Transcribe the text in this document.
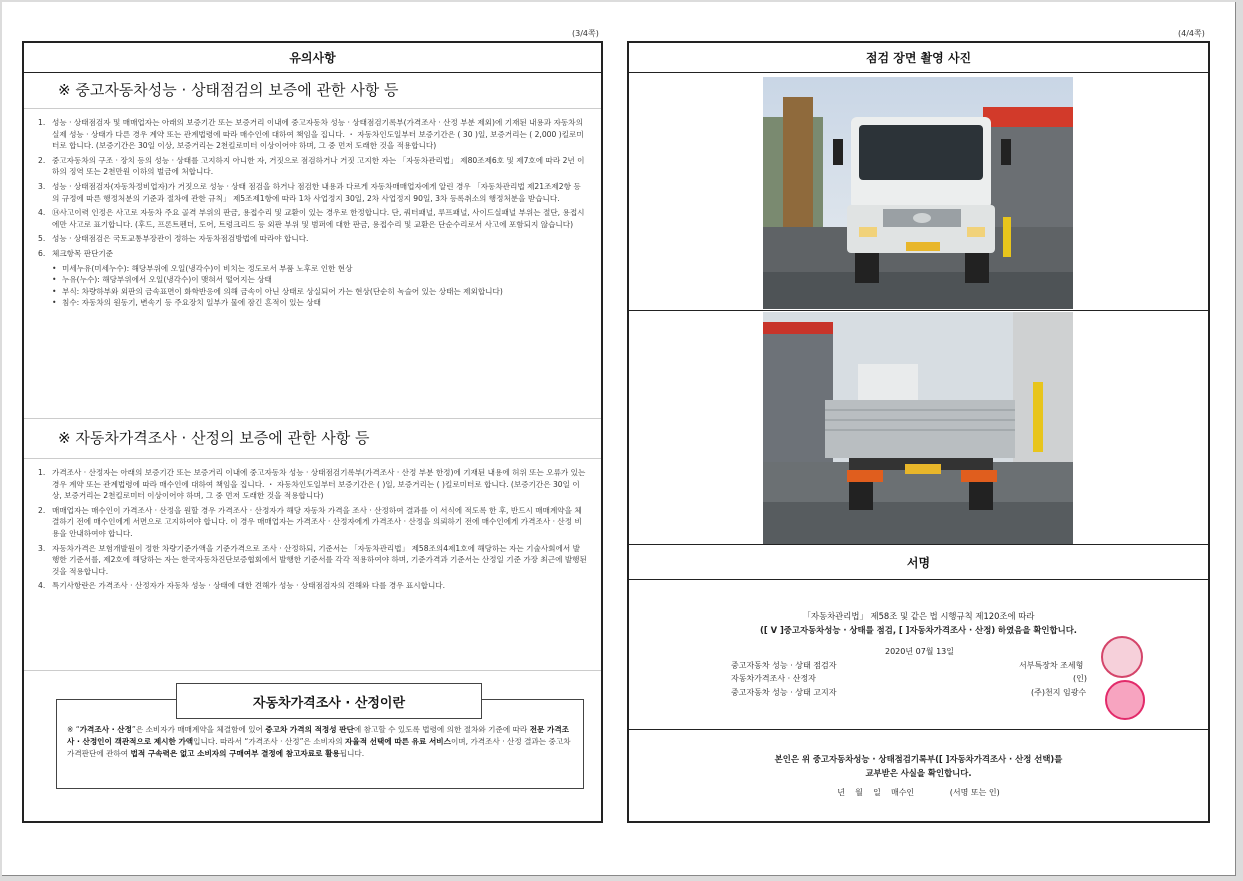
(3/4쪽)	(4/4쪽)
유의사항
※ 중고자동차성능 · 상태점검의 보증에 관한 사항 등
1. 성능 · 상태점검자 및 매매업자는 아래의 보증기간 또는 보증거리 이내에 중고자동차 성능 · 상태점검기록부(가격조사 · 산정 부분 제외)에 기재된 내용과 자동차의 실제 성능 · 상태가 다른 경우 계약 또는 관계법령에 따라 매수인에 대하여 책임을 집니다. ・ 자동차인도일부터 보증기간은 ( 30 )일, 보증거리는 ( 2,000 )킬로미터로 합니다. (보증기간은 30일 이상, 보증거리는 2천킬로미터 이상이어야 하며, 그 중 먼저 도래한 것을 적용합니다)
2. 중고자동차의 구조 · 장치 등의 성능 · 상태를 고지하지 아니한 자, 거짓으로 점검하거나 거짓 고지한 자는 「자동차관리법」 제80조제6호 및 제7호에 따라 2년 이하의 징역 또는 2천만원 이하의 벌금에 처합니다.
3. 성능 · 상태점검자(자동차정비업자)가 거짓으로 성능 · 상태 점검을 하거나 점검한 내용과 다르게 자동차매매업자에게 알린 경우 「자동차관리법 제21조제2항 등의 규정에 따른 행정처분의 기준과 절차에 관한 규칙」 제5조제1항에 따라 1차 사업정지 30일, 2차 사업정지 90일, 3차 등록취소의 행정처분을 받습니다.
4. ⑭사고이력 인정은 사고로 자동차 주요 골격 부위의 판금, 용접수리 및 교환이 있는 경우로 한정합니다. 단, 쿼터패널, 루프패널, 사이드실패널 부위는 절단, 용접시에만 사고로 표기합니다. (후드, 프론트펜더, 도어, 트렁크리드 등 외판 부위 및 범퍼에 대한 판금, 용접수리 및 교환은 단순수리로서 사고에 포함되지 않습니다)
5. 성능 · 상태점검은 국토교통부장관이 정하는 자동차점검방법에 따라야 합니다.
6. 체크항목 판단기준
• 미세누유(미세누수): 해당부위에 오일(냉각수)이 비치는 정도로서 부품 노후로 인한 현상
• 누유(누수): 해당부위에서 오일(냉각수)이 맺혀서 떨어지는 상태
• 부식: 차량하부와 외판의 금속표면이 화학반응에 의해 금속이 아닌 상태로 상실되어 가는 현상(단순히 녹슬어 있는 상태는 제외합니다)
• 침수: 자동차의 원동기, 변속기 등 주요장치 일부가 물에 잠긴 흔적이 있는 상태
※ 자동차가격조사 · 산정의 보증에 관한 사항 등
1. 가격조사 · 산정자는 아래의 보증기간 또는 보증거리 이내에 중고자동차 성능 · 상태점검기록부(가격조사 · 산정 부분 한정)에 기재된 내용에 허위 또는 오류가 있는 경우 계약 또는 관계법령에 따라 매수인에 대하여 책임을 집니다. ・ 자동차인도일부터 보증기간은 ( )일, 보증거리는 ( )킬로미터로 합니다. (보증기간은 30일 이상, 보증거리는 2천킬로미터 이상이어야 하며, 그 중 먼저 도래한 것을 적용합니다)
2. 매매업자는 매수인이 가격조사 · 산정을 원할 경우 가격조사 · 산정자가 해당 자동차 가격을 조사 · 산정하여 결과를 이 서식에 적도록 한 후, 반드시 매매계약을 체결하기 전에 매수인에게 서면으로 고지하여야 합니다. 이 경우 매매업자는 가격조사 · 산정자에게 가격조사 · 산정을 의뢰하기 전에 매수인에게 가격조사 · 산정 비용을 안내하여야 합니다.
3. 자동차가격은 보험개발원이 정한 차량기준가액을 기준가격으로 조사 · 산정하되, 기준서는 「자동차관리법」 제58조의4제1호에 해당하는 자는 기술사회에서 발행한 기준서를, 제2호에 해당하는 자는 한국자동차진단보증협회에서 발행한 기준서를 각각 적용하여야 하며, 기준가격과 기준서는 산정일 기준 가장 최근에 발행된 것을 적용합니다.
4. 특기사항란은 가격조사 · 산정자가 자동차 성능 · 상태에 대한 견해가 성능 · 상태점검자의 견해와 다를 경우 표시합니다.
※ “가격조사 · 산정”은 소비자가 매매계약을 체결함에 있어 중고차 가격의 적정성 판단에 참고할 수 있도록 법령에 의한 절차와 기준에 따라 전문 가격조사 · 산정인이 객관적으로 제시한 가액입니다. 따라서 “가격조사 · 산정”은 소비자의 자율적 선택에 따른 유료 서비스이며, 가격조사 · 산정 결과는 중고차 가격판단에 관하여 법적 구속력은 없고 소비자의 구매여부 결정에 참고자료로 활용됩니다.
자동차가격조사 · 산정이란
점검 장면 촬영 사진
서명
「자동차관리법」 제58조 및 같은 법 시행규칙 제120조에 따라
([ V ]중고자동차성능 · 상태를 점검, [ ]자동차가격조사 · 산정) 하였음을 확인합니다.
2020년 07월 13일
중고자동차 성능 · 상태 점검자	서부특장차 조세형
자동차가격조사 · 산정자	(인)
중고자동차 성능 · 상태 고지자	(주)천지 임광수
본인은 위 중고자동차성능 · 상태점검기록부([ ]자동차가격조사 · 산정 선택)를
교부받은 사실을 확인합니다.
년    월    일    매수인              (서명 또는 인)
